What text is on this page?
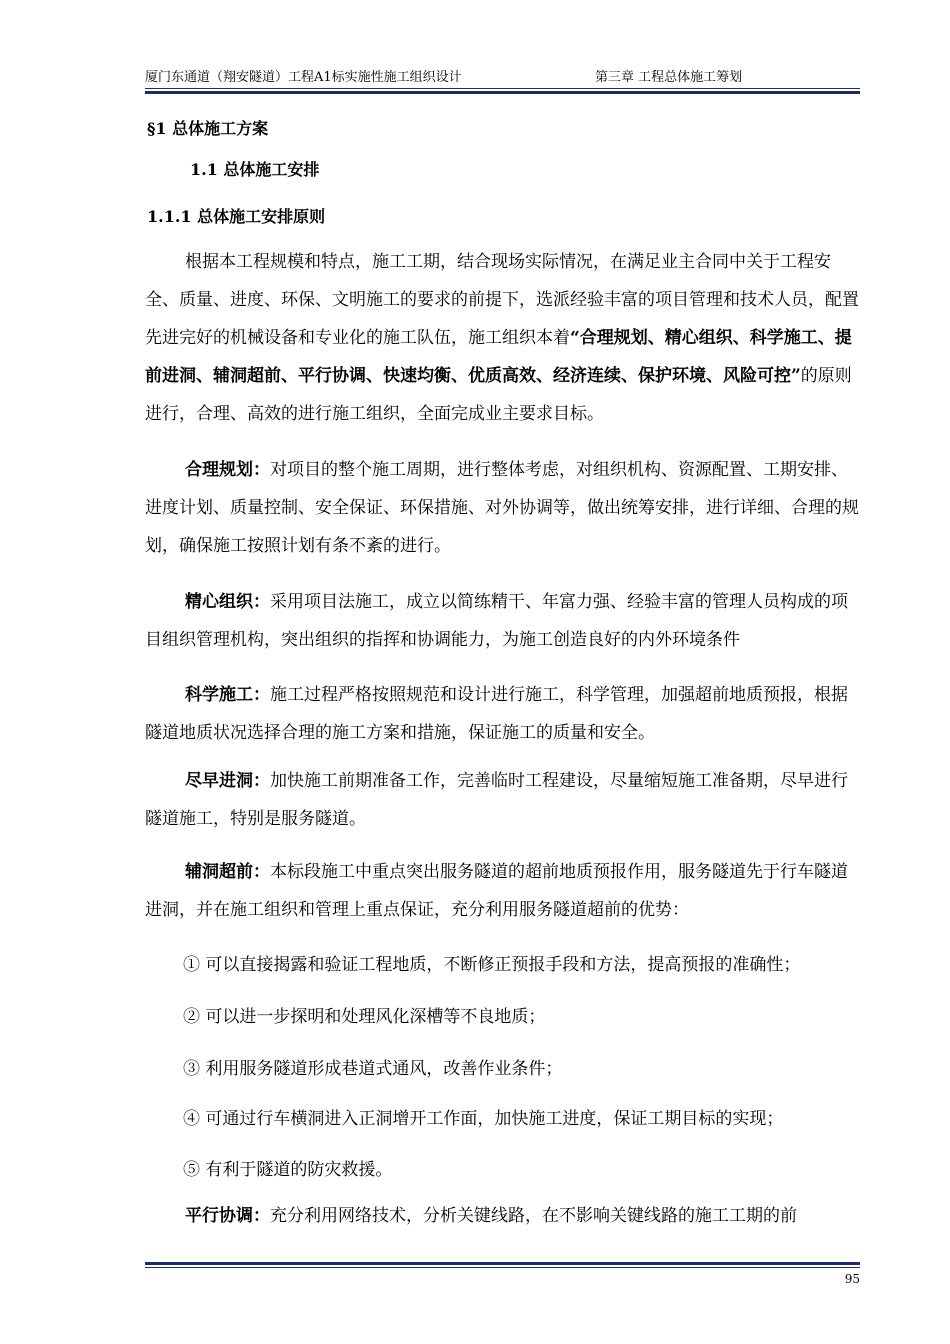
厦门东通道（翔安隧道）工程A1标实施性施工组织设计	第三章 工程总体施工筹划
§1 总体施工方案
1.1 总体施工安排
1.1.1 总体施工安排原则
根据本工程规模和特点，施工工期，结合现场实际情况，在满足业主合同中关于工程安全、质量、进度、环保、文明施工的要求的前提下，选派经验丰富的项目管理和技术人员，配置先进完好的机械设备和专业化的施工队伍，施工组织本着“合理规划、精心组织、科学施工、提前进洞、辅洞超前、平行协调、快速均衡、优质高效、经济连续、保护环境、风险可控”的原则进行，合理、高效的进行施工组织，全面完成业主要求目标。
合理规划：对项目的整个施工周期，进行整体考虑，对组织机构、资源配置、工期安排、进度计划、质量控制、安全保证、环保措施、对外协调等，做出统筹安排，进行详细、合理的规划，确保施工按照计划有条不紊的进行。
精心组织：采用项目法施工，成立以简练精干、年富力强、经验丰富的管理人员构成的项目组织管理机构，突出组织的指挥和协调能力，为施工创造良好的内外环境条件
科学施工：施工过程严格按照规范和设计进行施工，科学管理，加强超前地质预报，根据隧道地质状况选择合理的施工方案和措施，保证施工的质量和安全。
尽早进洞：加快施工前期准备工作，完善临时工程建设，尽量缩短施工准备期，尽早进行隧道施工，特别是服务隧道。
辅洞超前：本标段施工中重点突出服务隧道的超前地质预报作用，服务隧道先于行车隧道进洞，并在施工组织和管理上重点保证，充分利用服务隧道超前的优势：
① 可以直接揭露和验证工程地质，不断修正预报手段和方法，提高预报的准确性；
② 可以进一步探明和处理风化深槽等不良地质；
③ 利用服务隧道形成巷道式通风，改善作业条件；
④ 可通过行车横洞进入正洞增开工作面，加快施工进度，保证工期目标的实现；
⑤ 有利于隧道的防灾救援。
平行协调：充分利用网络技术，分析关键线路，在不影响关键线路的施工工期的前
95
